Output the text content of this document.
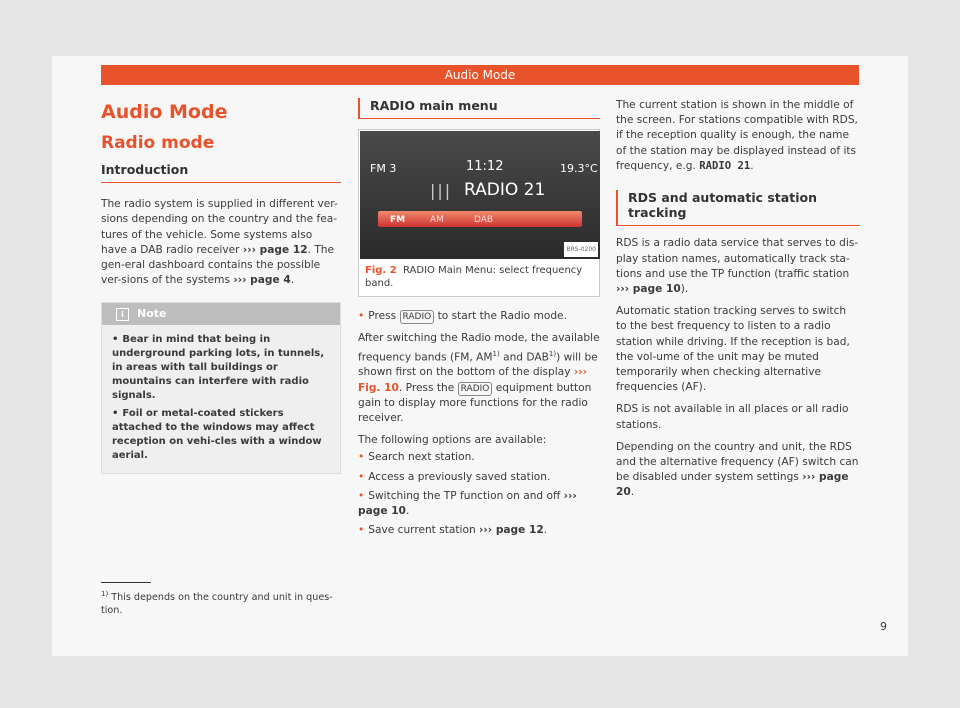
Audio Mode
Audio Mode
Radio mode
Introduction

The radio system is supplied in different ver-sions depending on the country and the fea-tures of the vehicle. Some systems also have a DAB radio receiver ››› page 12. The gen-eral dashboard contains the possible ver-sions of the systems ››› page 4.

i Note
• Bear in mind that being in underground parking lots, in tunnels, in areas with tall buildings or mountains can interfere with radio signals.
• Foil or metal-coated stickers attached to the windows may affect reception on vehi-cles with a window aerial.
RADIO main menu
FM 3	11:12	19.3°C
||| RADIO 21
FM	AM	DAB
BRS-0200
Fig. 2 RADIO Main Menu: select frequency band.

• Press RADIO to start the Radio mode.

After switching the Radio mode, the available frequency bands (FM, AM$^{1)}$ and DAB$^{1)}$) will be shown first on the bottom of the display ››› Fig. 10. Press the RADIO equipment button gain to display more functions for the radio receiver.

The following options are available:

• Search next station.
• Access a previously saved station.
• Switching the TP function on and off ››› page 10.
• Save current station ››› page 12.

The current station is shown in the middle of the screen. For stations compatible with RDS, if the reception quality is enough, the name of the station may be displayed instead of its frequency, e.g. RADIO 21.

RDS and automatic station tracking

RDS is a radio data service that serves to dis-play station names, automatically track sta-tions and use the TP function (traffic station ››› page 10).

Automatic station tracking serves to switch to the best frequency to listen to a radio station while driving. If the reception is bad, the vol-ume of the unit may be muted temporarily when checking alternative frequencies (AF).

RDS is not available in all places or all radio stations.

Depending on the country and unit, the RDS and the alternative frequency (AF) switch can be disabled under system settings ››› page 20.

$^{1)}$ This depends on the country and unit in ques-tion.
9
